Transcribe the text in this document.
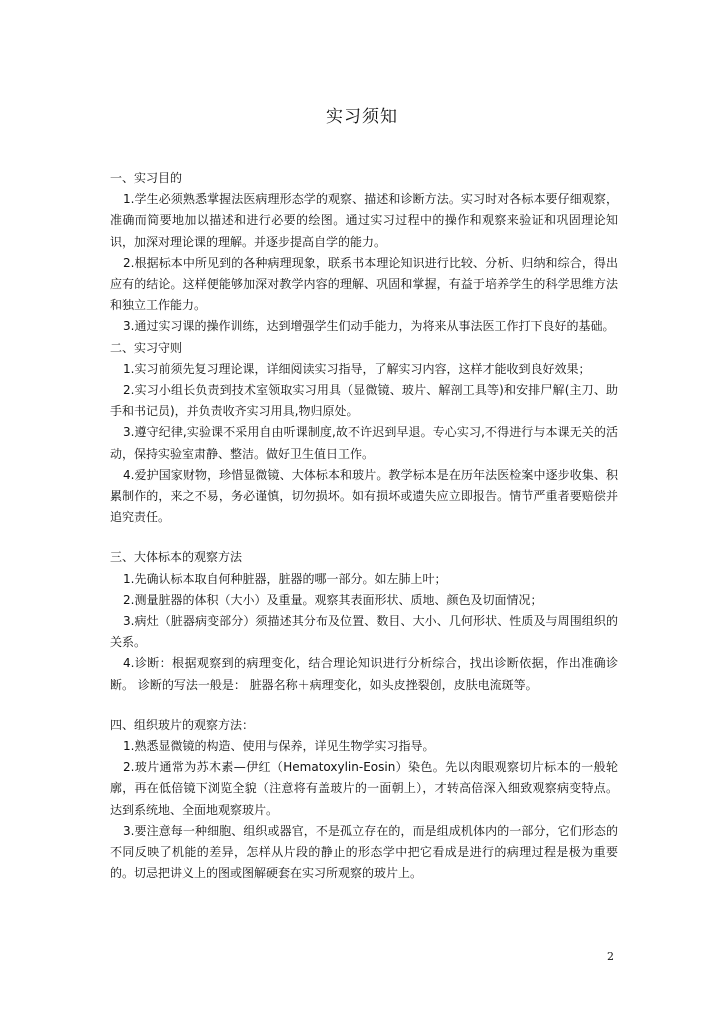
实习须知

一、实习目的

1.学生必须熟悉掌握法医病理形态学的观察、描述和诊断方法。实习时对各标本要仔细观察，准确而简要地加以描述和进行必要的绘图。通过实习过程中的操作和观察来验证和巩固理论知识，加深对理论课的理解。并逐步提高自学的能力。

2.根据标本中所见到的各种病理现象，联系书本理论知识进行比较、分析、归纳和综合，得出应有的结论。这样便能够加深对教学内容的理解、巩固和掌握，有益于培养学生的科学思维方法和独立工作能力。

3.通过实习课的操作训练，达到增强学生们动手能力，为将来从事法医工作打下良好的基础。

二、实习守则

1.实习前须先复习理论课，详细阅读实习指导，了解实习内容，这样才能收到良好效果；

2.实习小组长负责到技术室领取实习用具（显微镜、玻片、解剖工具等)和安排尸解(主刀、助手和书记员)，并负责收齐实习用具,物归原处。

3.遵守纪律,实验课不采用自由听课制度,故不许迟到早退。专心实习,不得进行与本课无关的活动，保持实验室肃静、整洁。做好卫生值日工作。

4.爱护国家财物，珍惜显微镜、大体标本和玻片。教学标本是在历年法医检案中逐步收集、积累制作的，来之不易，务必谨慎，切勿损坏。如有损坏或遗失应立即报告。情节严重者要赔偿并追究责任。

三、大体标本的观察方法

1.先确认标本取自何种脏器，脏器的哪一部分。如左肺上叶；

2.测量脏器的体积（大小）及重量。观察其表面形状、质地、颜色及切面情况；

3.病灶（脏器病变部分）须描述其分布及位置、数目、大小、几何形状、性质及与周围组织的关系。

4.诊断：根据观察到的病理变化，结合理论知识进行分析综合，找出诊断依据，作出准确诊断。 诊断的写法一般是： 脏器名称＋病理变化，如头皮挫裂创，皮肤电流斑等。

四、组织玻片的观察方法：

1.熟悉显微镜的构造、使用与保养，详见生物学实习指导。

2.玻片通常为苏木素—伊红（Hematoxylin-Eosin）染色。先以肉眼观察切片标本的一般轮廓，再在低倍镜下浏览全貌（注意将有盖玻片的一面朝上），才转高倍深入细致观察病变特点。达到系统地、全面地观察玻片。

3.要注意每一种细胞、组织或器官，不是孤立存在的，而是组成机体内的一部分，它们形态的不同反映了机能的差异，怎样从片段的静止的形态学中把它看成是进行的病理过程是极为重要的。切忌把讲义上的图或图解硬套在实习所观察的玻片上。

2
